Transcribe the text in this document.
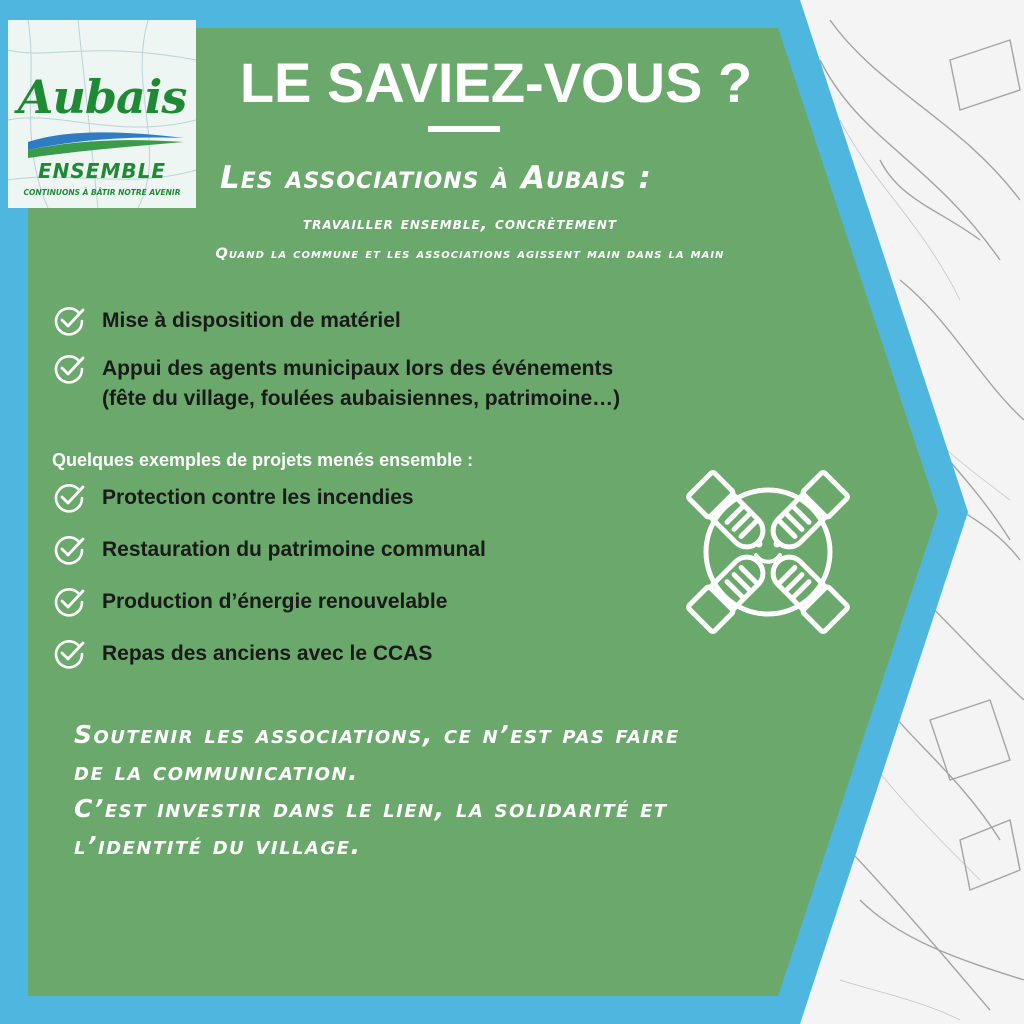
Aubais
ENSEMBLE
CONTINUONS À BÂTIR NOTRE AVENIR
LE SAVIEZ-VOUS ?
Les associations à Aubais :
travailler ensemble, concrètement
Quand la commune et les associations agissent main dans la main
Mise à disposition de matériel
Appui des agents municipaux lors des événements
(fête du village, foulées aubaisiennes, patrimoine…)
Quelques exemples de projets menés ensemble :
Protection contre les incendies
Restauration du patrimoine communal
Production d’énergie renouvelable
Repas des anciens avec le CCAS
Soutenir les associations, ce n’est pas faire
de la communication.
C’est investir dans le lien, la solidarité et
l’identité du village.
